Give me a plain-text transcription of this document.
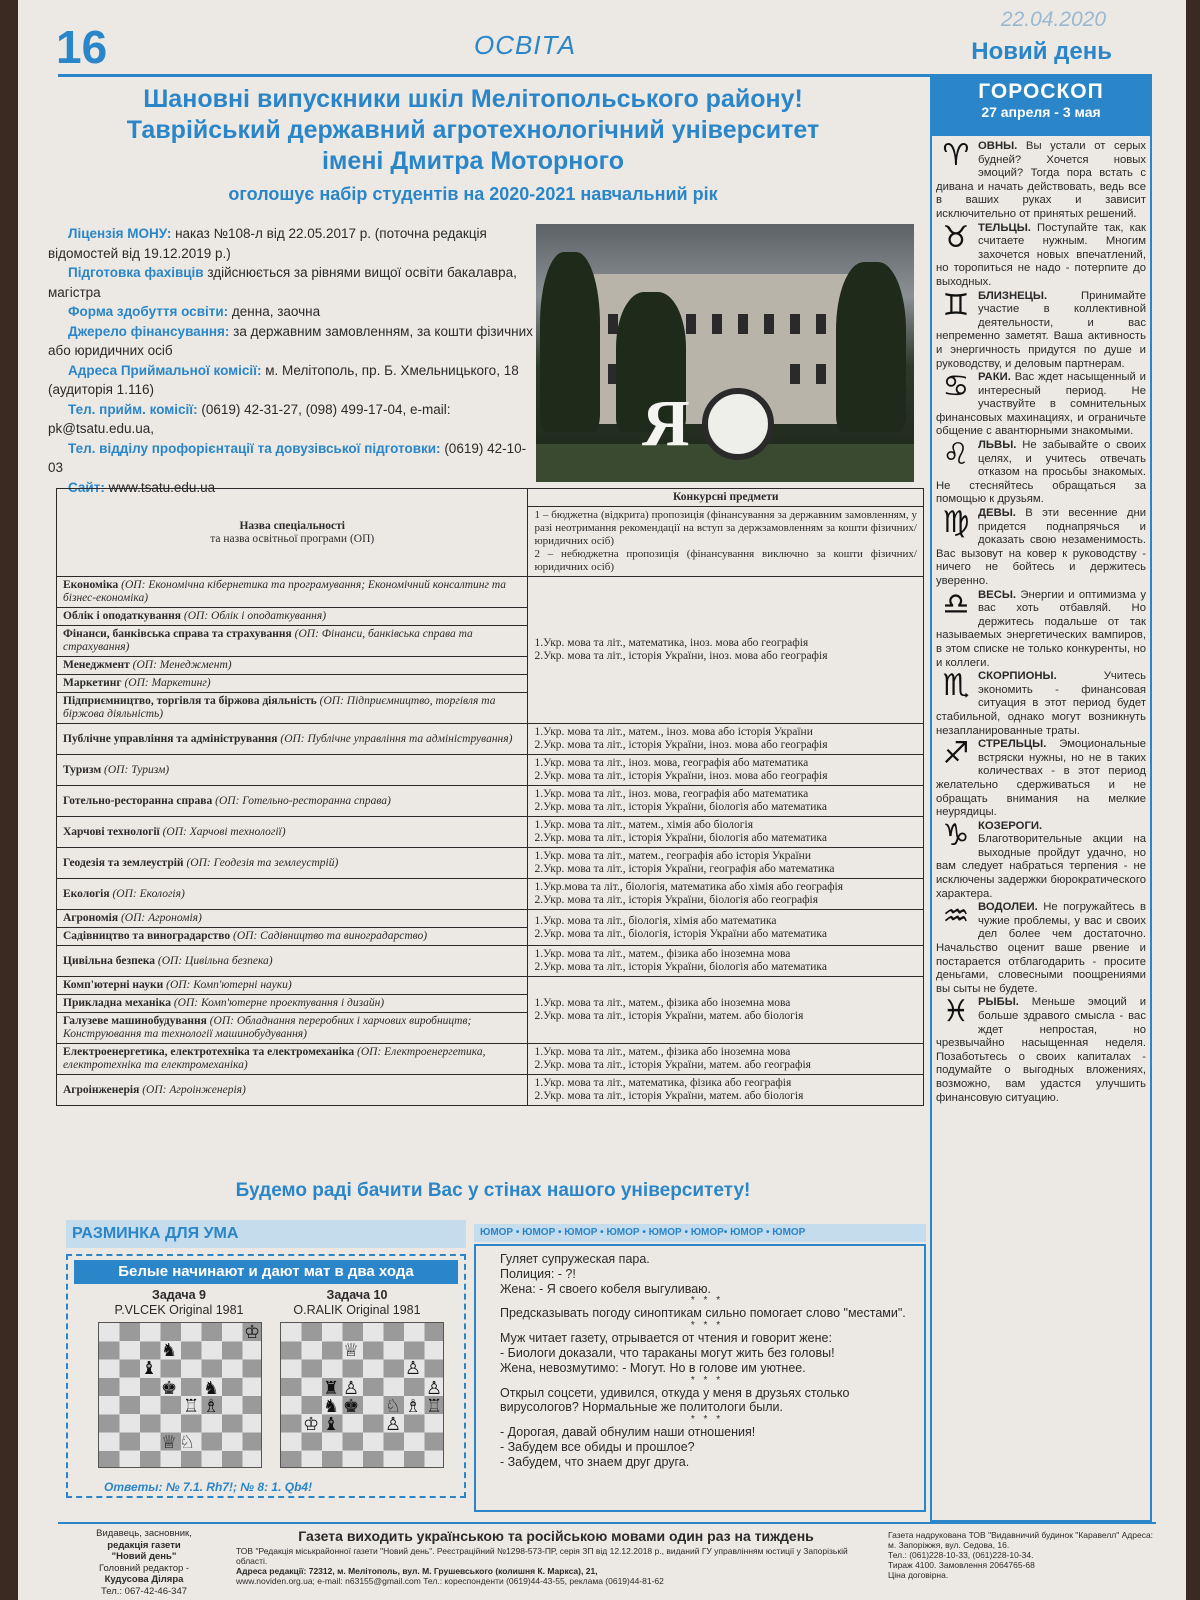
16	ОСВІТА
22.04.2020
Новий день
Шановні випускники шкіл Мелітопольського району!
Таврійський державний агротехнологічний університет
імені Дмитра Моторного
оголошує набір студентів на 2020-2021 навчальний рік

Ліцензія МОНУ: наказ №108-л від 22.05.2017 р. (поточна редакція відомостей від 19.12.2019 р.)

Підготовка фахівців здійснюється за рівнями вищої освіти бакалавра, магістра

Форма здобуття освіти: денна, заочна

Джерело фінансування: за державним замовленням, за кошти фізичних або юридичних осіб

Адреса Приймальної комісії: м. Мелітополь, пр. Б. Хмельницького, 18 (аудиторія 1.116)

Тел. прийм. комісії: (0619) 42-31-27, (098) 499-17-04, e-mail: pk@tsatu.edu.ua,

Тел. відділу профорієнтації та довузівської підготовки: (0619) 42-10-03

Сайт: www.tsatu.edu.ua

Я
Назва спеціальності
та назва освітньої програми (ОП)	Конкурсні предмети

	1 – бюджетна (відкрита) пропозиція (фінансування за державним замовленням, у разі неотримання рекомендації на вступ за держзамовленням за кошти фізичних/юридичних осіб)
2 – небюджетна пропозиція (фінансування виключно за кошти фізичних/юридичних осіб)

Економіка (ОП: Економічна кібернетика та програмування; Економічний консалтинг та бізнес-економіка)	1.Укр. мова та літ., математика, іноз. мова або географія
2.Укр. мова та літ., історія України, іноз. мова або географія

Облік і оподаткування (ОП: Облік і оподаткування)	
Фінанси, банківська справа та страхування (ОП: Фінанси, банківська справа та страхування)	
Менеджмент (ОП: Менеджмент)	
Маркетинг (ОП: Маркетинг)	
Підприємництво, торгівля та біржова діяльність (ОП: Підприємництво, торгівля та біржова діяльність)	
Публічне управління та адміністрування (ОП: Публічне управління та адміністрування)	1.Укр. мова та літ., матем., іноз. мова або історія України
2.Укр. мова та літ., історія України, іноз. мова або географія

Туризм (ОП: Туризм)	1.Укр. мова та літ., іноз. мова, географія або математика
2.Укр. мова та літ., історія України, іноз. мова або географія

Готельно-ресторанна справа (ОП: Готельно-ресторанна справа)	1.Укр. мова та літ., іноз. мова, географія або математика
2.Укр. мова та літ., історія України, біологія або математика

Харчові технології (ОП: Харчові технології)	1.Укр. мова та літ., матем., хімія або біологія
2.Укр. мова та літ., історія України, біологія або математика

Геодезія та землеустрій (ОП: Геодезія та землеустрій)	1.Укр. мова та літ., матем., географія або історія України
2.Укр. мова та літ., історія України, географія або математика

Екологія (ОП: Екологія)	1.Укр.мова та літ., біологія, математика або хімія або географія
2.Укр. мова та літ., історія України, біологія або географія

Агрономія (ОП: Агрономія)	1.Укр. мова та літ., біологія, хімія або математика
2.Укр. мова та літ., біологія, історія України або математика

Садівництво та виноградарство (ОП: Садівництво та виноградарство)	
Цивільна безпека (ОП: Цивільна безпека)	1.Укр. мова та літ., матем., фізика або іноземна мова
2.Укр. мова та літ., історія України, біологія або математика

Комп'ютерні науки (ОП: Комп'ютерні науки)	1.Укр. мова та літ., матем., фізика або іноземна мова
2.Укр. мова та літ., історія України, матем. або біологія

Прикладна механіка (ОП: Комп'ютерне проектування і дизайн)	
Галузеве машинобудування (ОП: Обладнання переробних і харчових виробництв; Конструювання та технології машинобудування)	
Електроенергетика, електротехніка та електромеханіка (ОП: Електроенергетика, електротехніка та електромеханіка)	1.Укр. мова та літ., матем., фізика або іноземна мова
2.Укр. мова та літ., історія України, матем. або географія

Агроінженерія (ОП: Агроінженерія)	1.Укр. мова та літ., математика, фізика або географія
2.Укр. мова та літ., історія України, матем. або біологія
Будемо раді бачити Вас у стінах нашого університету!
РАЗМИНКА ДЛЯ УМА
Белые начинают и дают мат в два хода
Задача 9
P.VLCEK Original 1981
Задача 10
O.RALIK Original 1981
♔
♞
♝
♚ ♞
♖ ♗
♕ ♘
♕
♙
♜ ♙	♙
♞ ♚ ♘ ♗ ♖
♔ ♝	♙
Ответы: № 7.1. Rh7!; № 8: 1. Qb4!
ЮМОР • ЮМОР • ЮМОР • ЮМОР • ЮМОР • ЮМОР• ЮМОР • ЮМОР
Гуляет супружеская пара.
Полиция: - ?!
Жена: - Я своего кобеля выгуливаю.
* * *
Предсказывать погоду синоптикам сильно помогает слово "местами".
* * *
Муж читает газету, отрывается от чтения и говорит жене:
- Биологи доказали, что тараканы могут жить без головы!
Жена, невозмутимо: - Могут. Но в голове им уютнее.
* * *
Открыл соцсети, удивился, откуда у меня в друзьях столько вирусологов? Нормальные же политологи были.
* * *
- Дорогая, давай обнулим наши отношения!
- Забудем все обиды и прошлое?
- Забудем, что знаем друг друга.
ГОРОСКОП
27 апреля - 3 мая
♈ ОВНЫ. Вы устали от серых будней? Хочется новых эмоций? Тогда пора встать с дивана и начать действовать, ведь все в ваших руках и зависит исключительно от принятых решений.
♉ ТЕЛЬЦЫ. Поступайте так, как считаете нужным. Многим захочется новых впечатлений, но торопиться не надо - потерпите до выходных.
♊ БЛИЗНЕЦЫ. Принимайте участие в коллективной деятельности, и вас непременно заметят. Ваша активность и энергичность придутся по душе и руководству, и деловым партнерам.
♋ РАКИ. Вас ждет насыщенный и интересный период. Не участвуйте в сомнительных финансовых махинациях, и ограничьте общение с авантюрными знакомыми.
♌ ЛЬВЫ. Не забывайте о своих целях, и учитесь отвечать отказом на просьбы знакомых. Не стесняйтесь обращаться за помощью к друзьям.
♍ ДЕВЫ. В эти весенние дни придется поднапрячься и доказать свою незаменимость. Вас вызовут на ковер к руководству - ничего не бойтесь и держитесь уверенно.
♎ ВЕСЫ. Энергии и оптимизма у вас хоть отбавляй. Но держитесь подальше от так называемых энергетических вампиров, в этом списке не только конкуренты, но и коллеги.
♏ СКОРПИОНЫ. Учитесь экономить - финансовая ситуация в этот период будет стабильной, однако могут возникнуть незапланированные траты.
♐ СТРЕЛЬЦЫ. Эмоциональные встряски нужны, но не в таких количествах - в этот период желательно сдерживаться и не обращать внимания на мелкие неурядицы.
♑ КОЗЕРОГИ. Благотворительные акции на выходные пройдут удачно, но вам следует набраться терпения - не исключены задержки бюрократического характера.
♒ ВОДОЛЕИ. Не погружайтесь в чужие проблемы, у вас и своих дел более чем достаточно. Начальство оценит ваше рвение и постарается отблагодарить - просите деньгами, словесными поощрениями вы сыты не будете.
♓ РЫБЫ. Меньше эмоций и больше здравого смысла - вас ждет непростая, но чрезвычайно насыщенная неделя. Позаботьтесь о своих капиталах - подумайте о выгодных вложениях, возможно, вам удастся улучшить финансовую ситуацию.
Видавець, засновник,
редакція газети
"Новий день"
Головний редактор -
Кудусова Діляра
Тел.: 067-42-46-347
Газета виходить українською та російською мовами один раз на тиждень
ТОВ "Редакція міськрайонної газети "Новий день". Реєстраційний №1298-573-ПР, серія ЗП від 12.12.2018 р., виданий ГУ управлінням юстиції у Запорізькій області.
Адреса редакції: 72312, м. Мелітополь, вул. М. Грушевського (колишня К. Маркса), 21,
www.noviden.org.ua; e-mail: n63155@gmail.com Тел.: кореспонденти (0619)44-43-55, реклама (0619)44-81-62
Газета надрукована ТОВ "Видавничий будинок "Каравелл" Адреса: м. Запоріжжя, вул. Седова, 16.
Тел.: (061)228-10-33, (061)228-10-34.
Тираж 4100. Замовлення 2064765-68
Ціна договірна.
